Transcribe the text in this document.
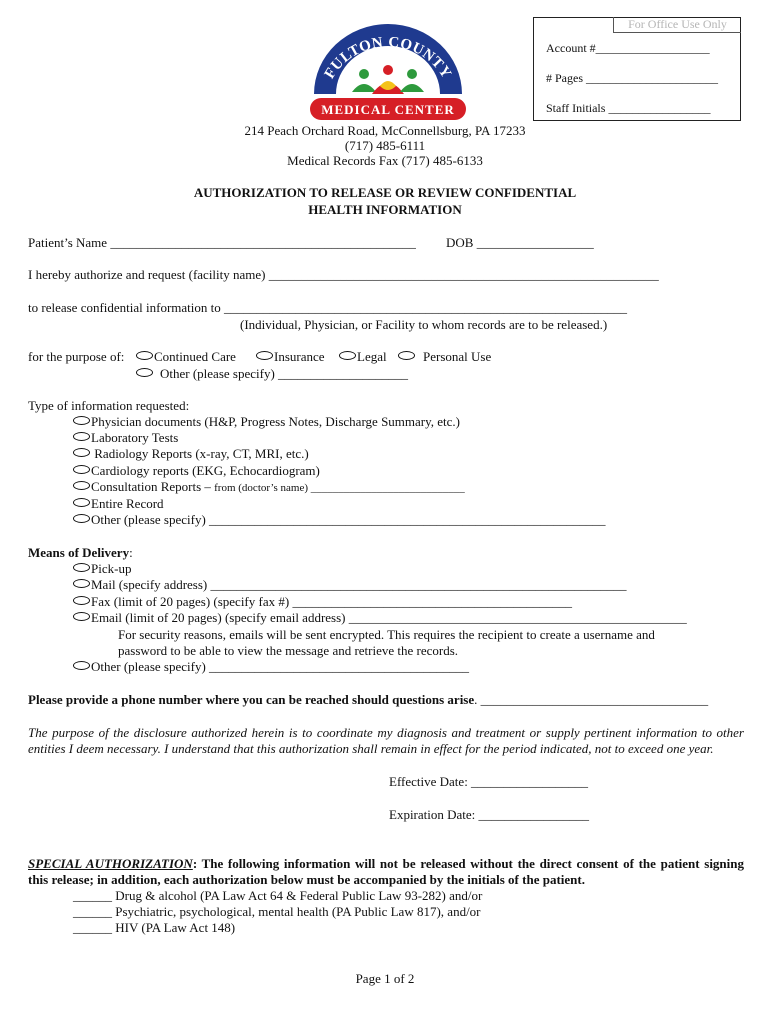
For Office Use Only
Account #___________________
# Pages ______________________
Staff Initials _________________
FULTON COUNTY
MEDICAL CENTER
214 Peach Orchard Road, McConnellsburg, PA 17233
(717) 485-6111
Medical Records Fax (717) 485-6133
AUTHORIZATION TO RELEASE OR REVIEW CONFIDENTIAL
HEALTH INFORMATION
Patient’s Name _______________________________________________ DOB __________________
I hereby authorize and request (facility name) ____________________________________________________________
to release confidential information to ______________________________________________________________
(Individual, Physician, or Facility to whom records are to be released.)
for the purpose of:	Continued Care	Insurance	Legal	Personal Use
Other (please specify) ____________________
Type of information requested:
Physician documents (H&P, Progress Notes, Discharge Summary, etc.)
Laboratory Tests
Radiology Reports (x-ray, CT, MRI, etc.)
Cardiology reports (EKG, Echocardiogram)
Consultation Reports – from (doctor’s name) ____________________________
Entire Record
Other (please specify) _____________________________________________________________
Means of Delivery:
Pick-up
Mail (specify address) ________________________________________________________________
Fax (limit of 20 pages) (specify fax #) ___________________________________________
Email (limit of 20 pages) (specify email address) ____________________________________________________
For security reasons, emails will be sent encrypted. This requires the recipient to create a username and
password to be able to view the message and retrieve the records.
Other (please specify) ________________________________________
Please provide a phone number where you can be reached should questions arise. ___________________________________
The purpose of the disclosure authorized herein is to coordinate my diagnosis and treatment or supply pertinent information to other entities I deem necessary. I understand that this authorization shall remain in effect for the period indicated, not to exceed one year.
Effective Date: __________________
Expiration Date: _________________
SPECIAL AUTHORIZATION: The following information will not be released without the direct consent of the patient signing this release; in addition, each authorization below must be accompanied by the initials of the patient.
______ Drug & alcohol (PA Law Act 64 & Federal Public Law 93-282) and/or
______ Psychiatric, psychological, mental health (PA Public Law 817), and/or
______ HIV (PA Law Act 148)
Page 1 of 2
